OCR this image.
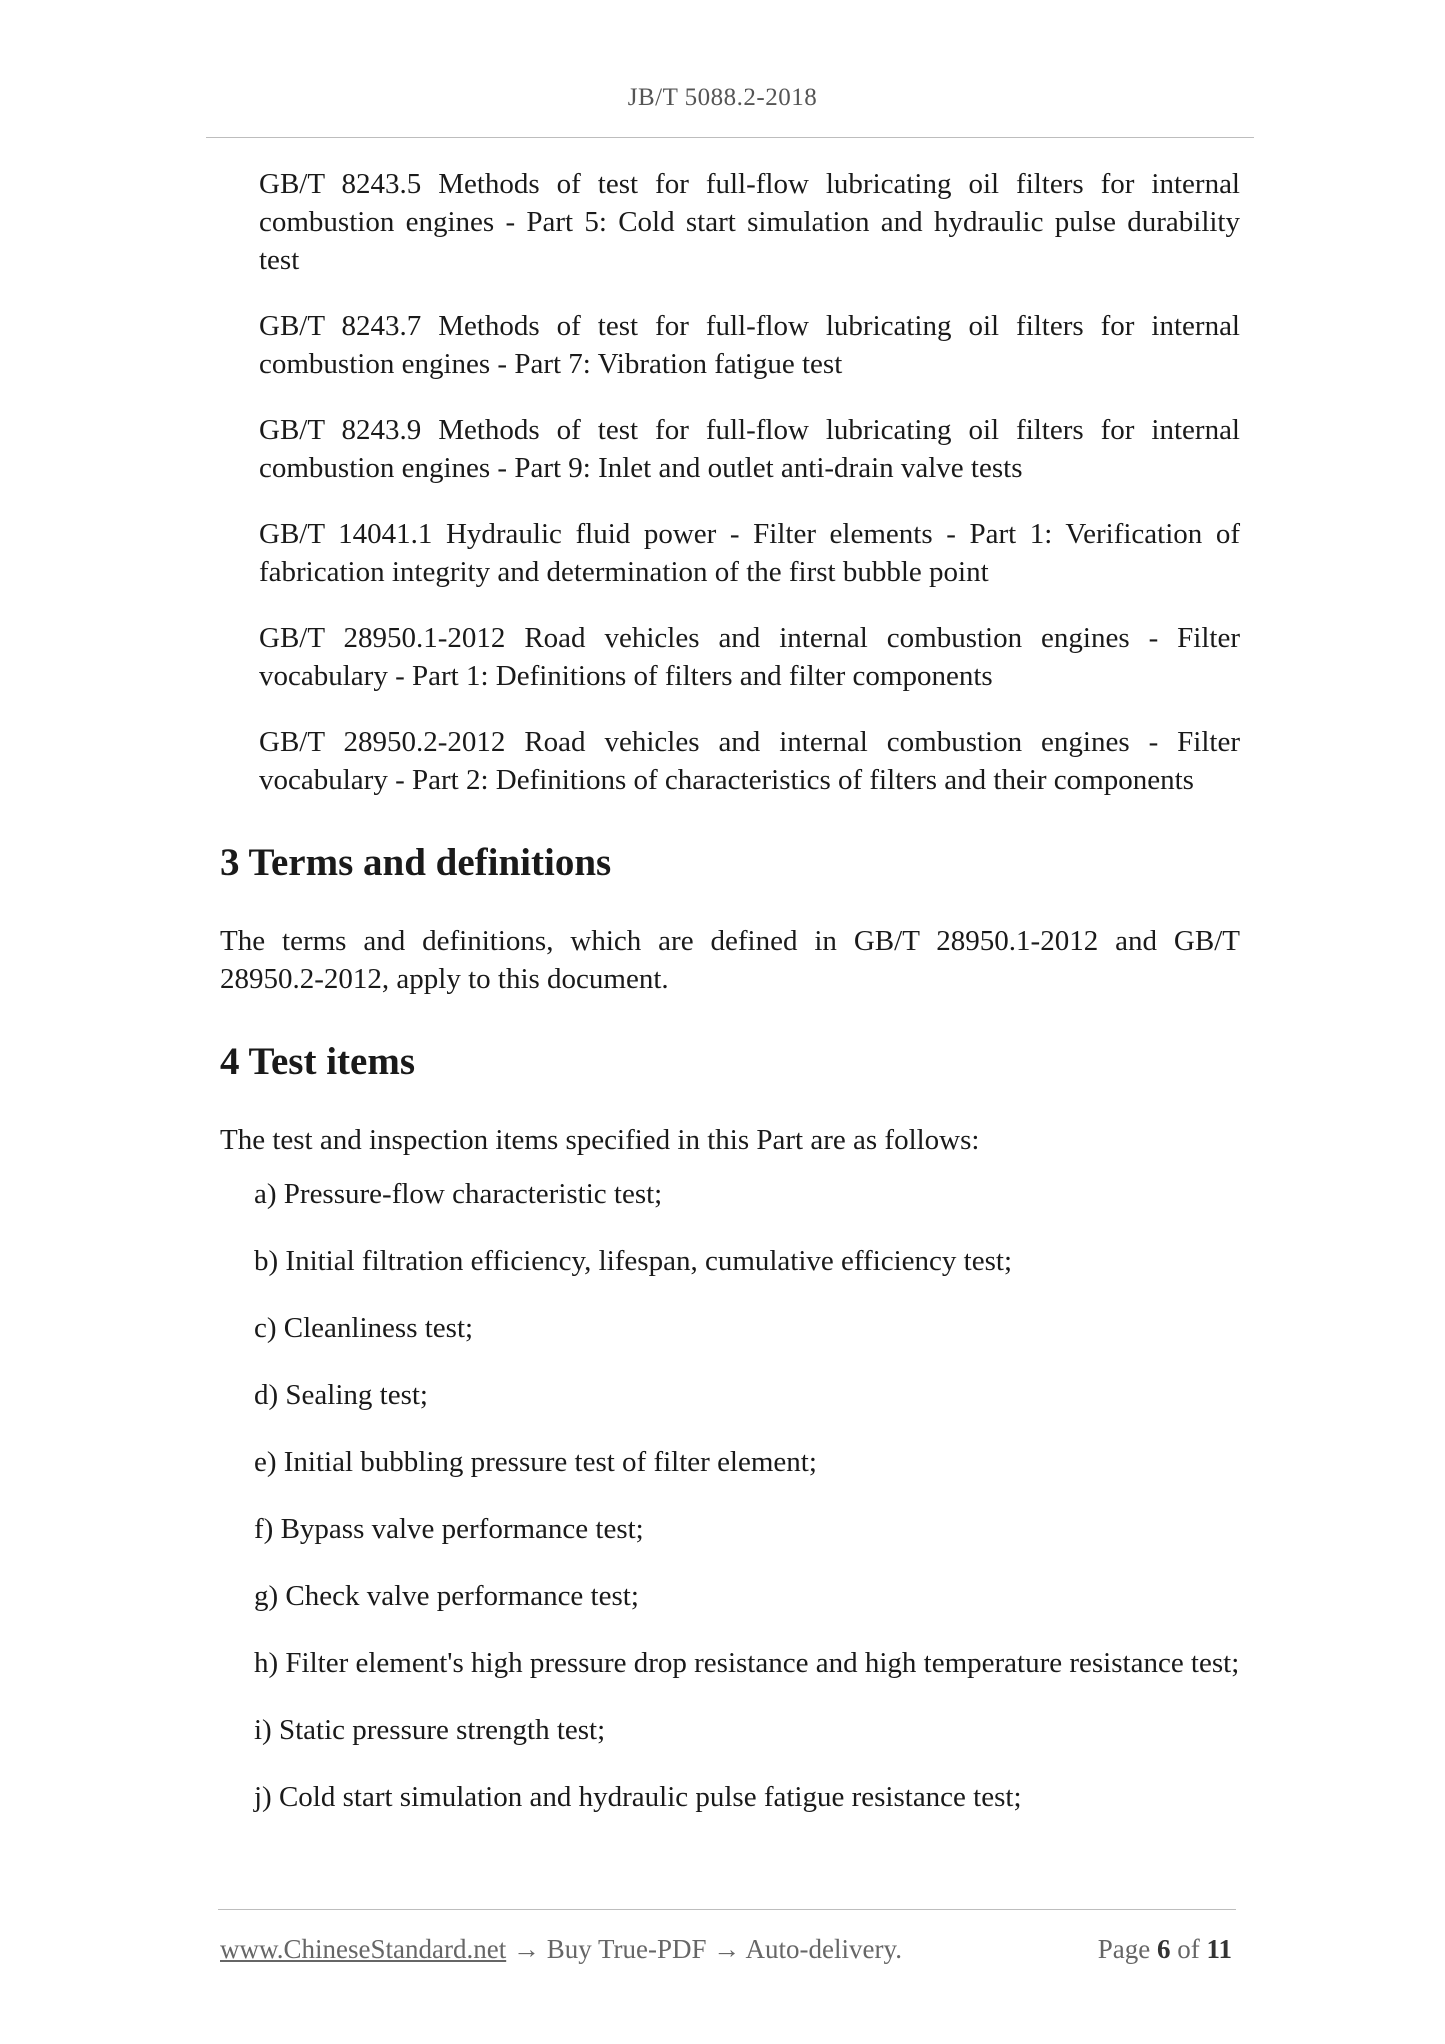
JB/T 5088.2-2018
GB/T 8243.5 Methods of test for full-flow lubricating oil filters for internal combustion engines - Part 5: Cold start simulation and hydraulic pulse durability test
GB/T 8243.7 Methods of test for full-flow lubricating oil filters for internal combustion engines - Part 7: Vibration fatigue test
GB/T 8243.9 Methods of test for full-flow lubricating oil filters for internal combustion engines - Part 9: Inlet and outlet anti-drain valve tests
GB/T 14041.1 Hydraulic fluid power - Filter elements - Part 1: Verification of fabrication integrity and determination of the first bubble point
GB/T 28950.1-2012 Road vehicles and internal combustion engines - Filter vocabulary - Part 1: Definitions of filters and filter components
GB/T 28950.2-2012 Road vehicles and internal combustion engines - Filter vocabulary - Part 2: Definitions of characteristics of filters and their components
3 Terms and definitions

The terms and definitions, which are defined in GB/T 28950.1-2012 and GB/T 28950.2-2012, apply to this document.

4 Test items

The test and inspection items specified in this Part are as follows:

a) Pressure-flow characteristic test;
b) Initial filtration efficiency, lifespan, cumulative efficiency test;
c) Cleanliness test;
d) Sealing test;
e) Initial bubbling pressure test of filter element;
f) Bypass valve performance test;
g) Check valve performance test;
h) Filter element's high pressure drop resistance and high temperature resistance test;
i) Static pressure strength test;
j) Cold start simulation and hydraulic pulse fatigue resistance test;
www.ChineseStandard.net → Buy True-PDF → Auto-delivery.	Page 6 of 11
